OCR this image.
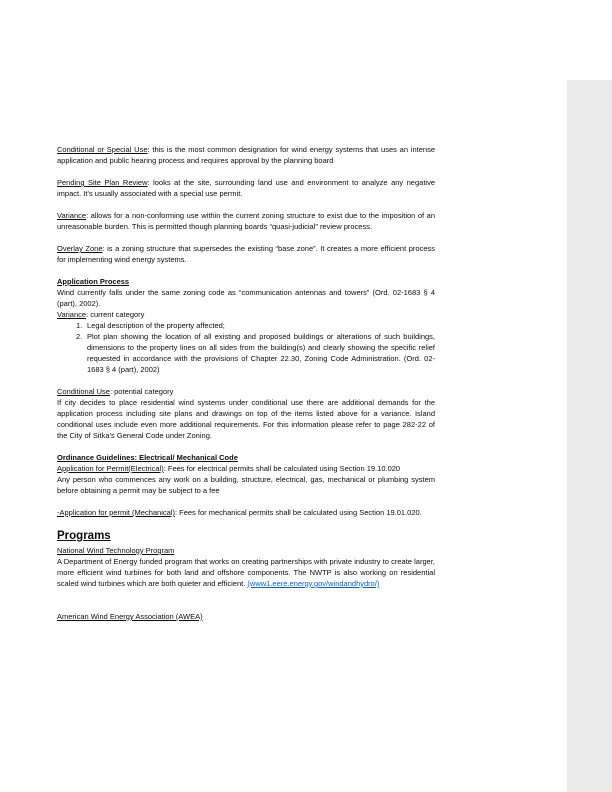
Conditional or Special Use: this is the most common designation for wind energy systems that uses an intense application and public hearing process and requires approval by the planning board

Pending Site Plan Review: looks at the site, surrounding land use and environment to analyze any negative impact. It’s usually associated with a special use permit.

Variance: allows for a non-conforming use within the current zoning structure to exist due to the imposition of an unreasonable burden. This is permitted though planning boards “quasi-judicial” review process.

Overlay Zone: is a zoning structure that supersedes the existing “base zone”. It creates a more efficient process for implementing wind energy systems.

Application Process

Wind currently falls under the same zoning code as “communication antennas and towers” (Ord. 02-1683 § 4 (part), 2002).

Variance: current category

1. Legal description of the property affected;
2. Plot plan showing the location of all existing and proposed buildings or alterations of such buildings, dimensions to the property lines on all sides from the building(s) and clearly showing the specific relief requested in accordance with the provisions of Chapter 22.30, Zoning Code Administration. (Ord. 02-1683 § 4 (part), 2002)

Conditional Use: potential category

If city decides to place residential wind systems under conditional use there are additional demands for the application process including site plans and drawings on top of the items listed above for a variance. Island conditional uses include even more additional requirements. For this information please refer to page 282-22 of the City of Sitka’s General Code under Zoning.

Ordinance Guidelines: Electrical/ Mechanical Code

Application for Permit(Electrical): Fees for electrical permits shall be calculated using Section 19.10.020

Any person who commences any work on a building, structure, electrical, gas, mechanical or plumbing system before obtaining a permit may be subject to a fee

-Application for permit (Mechanical): Fees for mechanical permits shall be calculated using Section 19.01.020.

Programs

National Wind Technology Program

A Department of Energy funded program that works on creating partnerships with private industry to create larger, more efficient wind turbines for both land and offshore components. The NWTP is also working on residential scaled wind turbines which are both quieter and efficient. (www1.eere.energy.gov/windandhydro/)

American Wind Energy Association (AWEA)
